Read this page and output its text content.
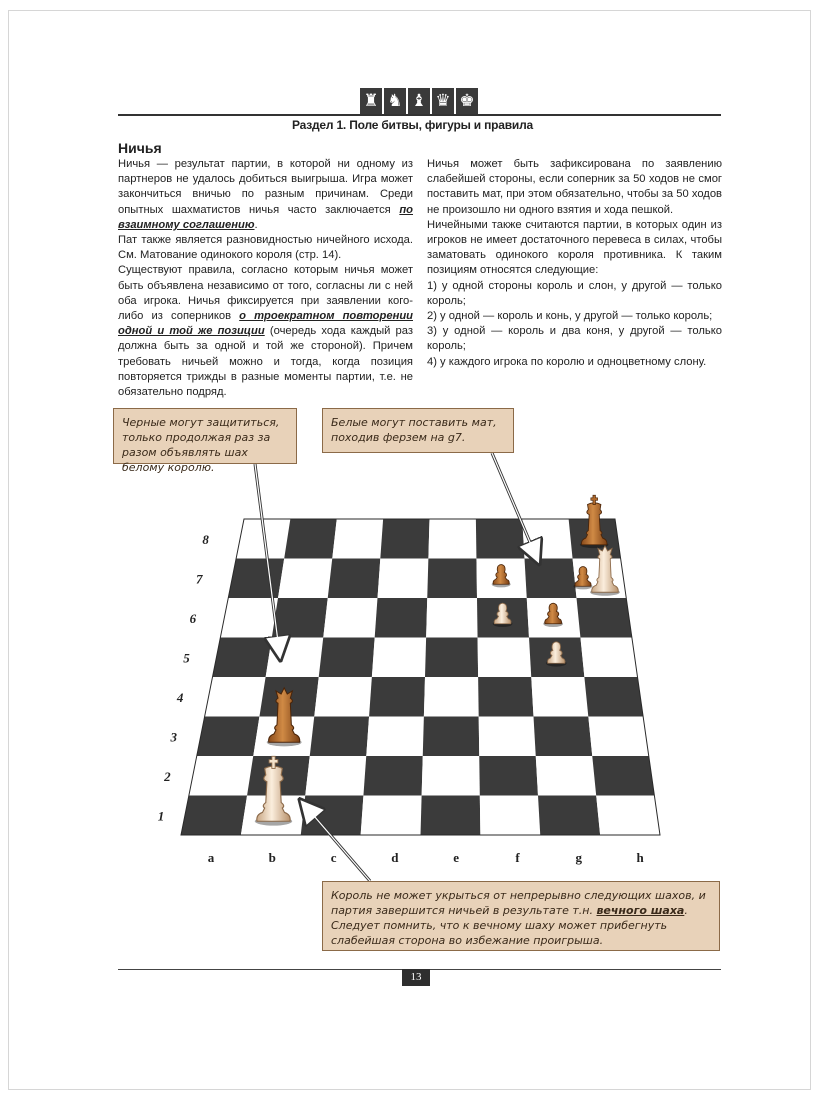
♜ ♞ ♝ ♛ ♚
Раздел 1. Поле битвы, фигуры и правила
Ничья

Ничья — результат партии, в которой ни одному из партнеров не удалось добиться выигрыша. Игра может закончиться вничью по разным причинам. Среди опытных шахматистов ничья часто заключается по взаимному соглашению.

Пат также является разновидностью ничейного исхода. См. Матование одинокого короля (стр. 14).

Существуют правила, согласно которым ничья может быть объявлена независимо от того, согласны ли с ней оба игрока. Ничья фиксируется при заявлении кого-либо из соперников о троекратном повторении одной и той же позиции (очередь хода каждый раз должна быть за одной и той же стороной). Причем требовать ничьей можно и тогда, когда позиция повторяется трижды в разные моменты партии, т.е. не обязательно подряд.

Ничья может быть зафиксирована по заявлению слабейшей стороны, если соперник за 50 ходов не смог поставить мат, при этом обязательно, чтобы за 50 ходов не произошло ни одного взятия и хода пешкой.

Ничейными также считаются партии, в которых один из игроков не имеет достаточного перевеса в силах, чтобы заматовать одинокого короля противника. К таким позициям относятся следующие:

1) у одной стороны король и слон, у другой — только король;

2) у одной — король и конь, у другой — только король;

3) у одной — король и два коня, у другой — только король;

4) у каждого игрока по королю и одноцветному слону.

a	b	c	d	e	f	g	h
1
2
3
4
5
6
7
8
Черные могут защититься, только продолжая раз за разом объявлять шах белому королю.
Белые могут поставить мат, походив ферзем на g7.
Король не может укрыться от непрерывно следующих шахов, и партия завершится ничьей в результате т.н. вечного шаха. Следует помнить, что к вечному шаху может прибегнуть слабейшая сторона во избежание проигрыша.
13
